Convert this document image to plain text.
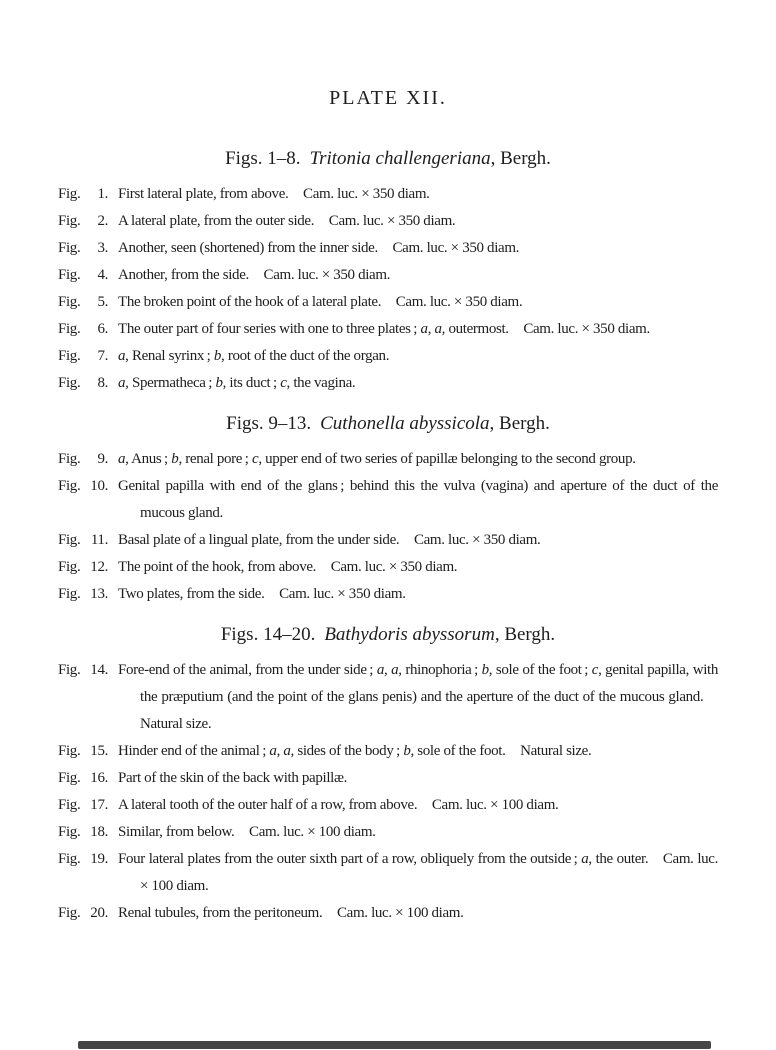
PLATE XII.
Figs. 1–8. Tritonia challengeriana, Bergh.
Fig.	1. First lateral plate, from above. Cam. luc. × 350 diam.
Fig.	2. A lateral plate, from the outer side. Cam. luc. × 350 diam.
Fig.	3. Another, seen (shortened) from the inner side. Cam. luc. × 350 diam.
Fig.	4. Another, from the side. Cam. luc. × 350 diam.
Fig.	5. The broken point of the hook of a lateral plate. Cam. luc. × 350 diam.
Fig.	6. The outer part of four series with one to three plates ; a, a, outermost. Cam. luc. × 350 diam.
Fig.	7. a, Renal syrinx ; b, root of the duct of the organ.
Fig.	8. a, Spermatheca ; b, its duct ; c, the vagina.
Figs. 9–13. Cuthonella abyssicola, Bergh.
Fig.	9. a, Anus ; b, renal pore ; c, upper end of two series of papillæ belonging to the second group.
Fig. 10. Genital papilla with end of the glans ; behind this the vulva (vagina) and aperture of the duct of the mucous gland.
Fig. 11. Basal plate of a lingual plate, from the under side. Cam. luc. × 350 diam.
Fig. 12. The point of the hook, from above. Cam. luc. × 350 diam.
Fig. 13. Two plates, from the side. Cam. luc. × 350 diam.
Figs. 14–20. Bathydoris abyssorum, Bergh.
Fig. 14. Fore-end of the animal, from the under side ; a, a, rhinophoria ; b, sole of the foot ; c, genital papilla, with the præputium (and the point of the glans penis) and the aperture of the duct of the mucous gland. Natural size.
Fig. 15. Hinder end of the animal ; a, a, sides of the body ; b, sole of the foot. Natural size.
Fig. 16. Part of the skin of the back with papillæ.
Fig. 17. A lateral tooth of the outer half of a row, from above. Cam. luc. × 100 diam.
Fig. 18. Similar, from below. Cam. luc. × 100 diam.
Fig. 19. Four lateral plates from the outer sixth part of a row, obliquely from the outside ; a, the outer. Cam. luc. × 100 diam.
Fig. 20. Renal tubules, from the peritoneum. Cam. luc. × 100 diam.
